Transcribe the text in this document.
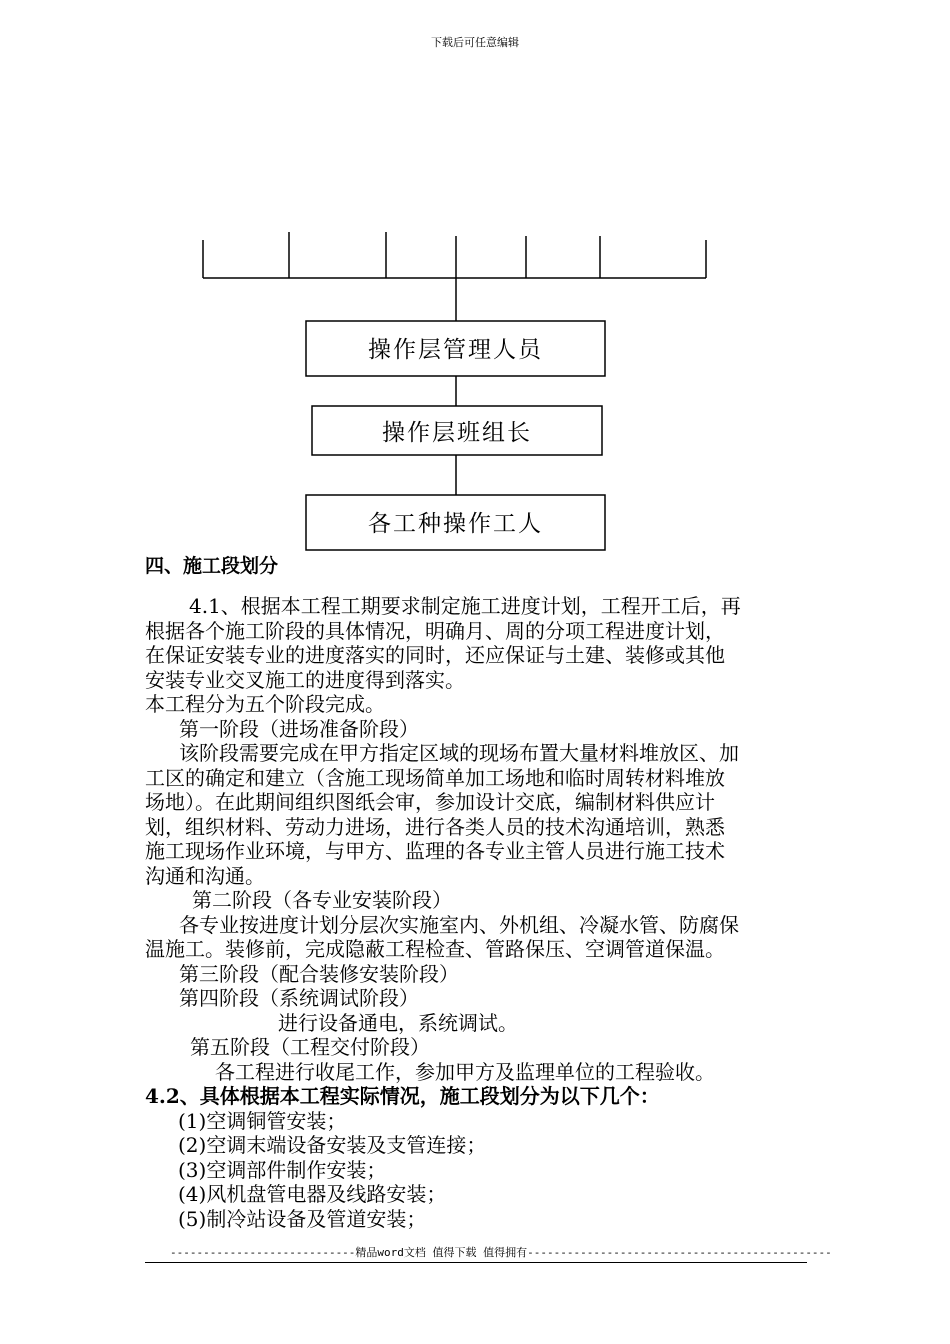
下载后可任意编辑
操作层管理人员
操作层班组长
各工种操作工人
四、施工段划分
4.1、根据本工程工期要求制定施工进度计划，工程开工后，再
根据各个施工阶段的具体情况，明确月、周的分项工程进度计划，
在保证安装专业的进度落实的同时，还应保证与土建、装修或其他
安装专业交叉施工的进度得到落实。
本工程分为五个阶段完成。
第一阶段（进场准备阶段）
该阶段需要完成在甲方指定区域的现场布置大量材料堆放区、加
工区的确定和建立（含施工现场简单加工场地和临时周转材料堆放
场地）。在此期间组织图纸会审，参加设计交底，编制材料供应计
划，组织材料、劳动力进场，进行各类人员的技术沟通培训，熟悉
施工现场作业环境，与甲方、监理的各专业主管人员进行施工技术
沟通和沟通。
第二阶段（各专业安装阶段）
各专业按进度计划分层次实施室内、外机组、冷凝水管、防腐保
温施工。装修前，完成隐蔽工程检查、管路保压、空调管道保温。
第三阶段（配合装修安装阶段）
第四阶段（系统调试阶段）
进行设备通电，系统调试。
第五阶段（工程交付阶段）
各工程进行收尾工作，参加甲方及监理单位的工程验收。
4.2、具体根据本工程实际情况，施工段划分为以下几个：
(1)空调铜管安装；
(2)空调末端设备安装及支管连接；
(3)空调部件制作安装；
(4)风机盘管电器及线路安装；
(5)制冷站设备及管道安装；
----------------------------精品word文档 值得下载 值得拥有----------------------------------------------
